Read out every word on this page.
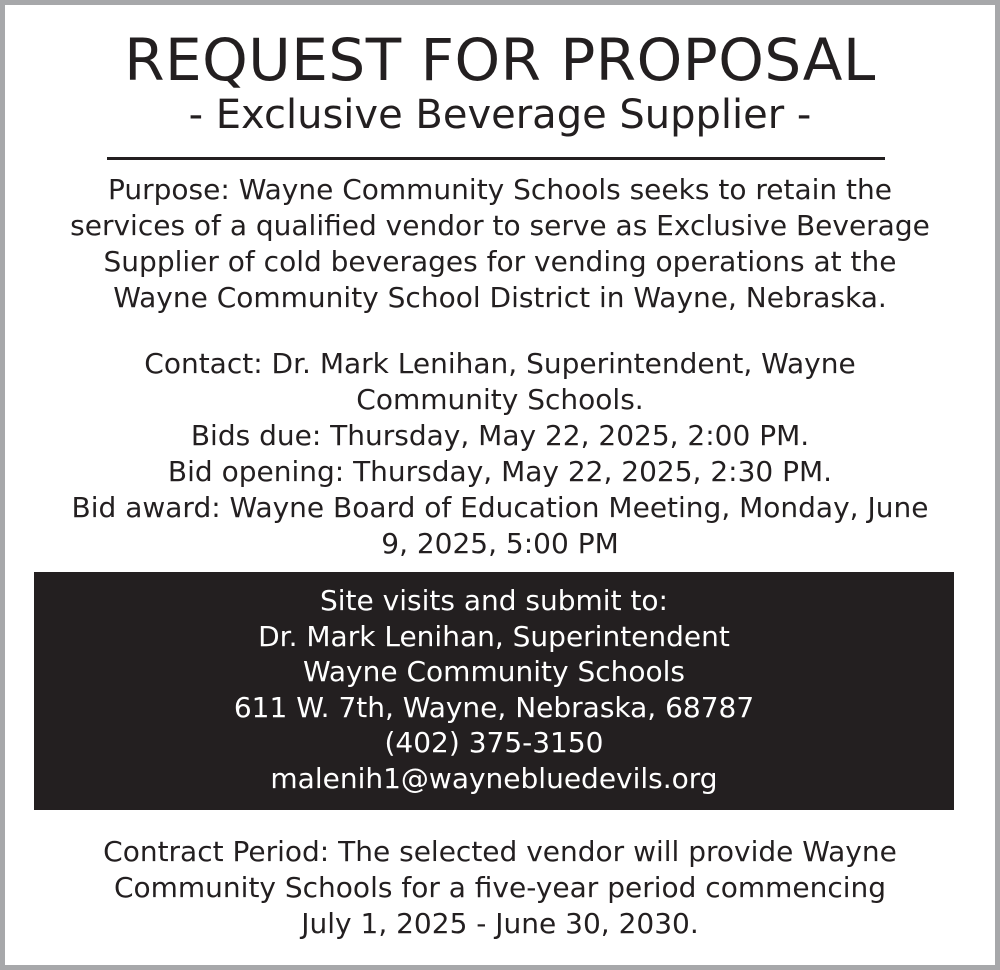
REQUEST FOR PROPOSAL
- Exclusive Beverage Supplier -
Purpose: Wayne Community Schools seeks to retain the
services of a qualified vendor to serve as Exclusive Beverage
Supplier of cold beverages for vending operations at the
Wayne Community School District in Wayne, Nebraska.
Contact: Dr. Mark Lenihan, Superintendent, Wayne
Community Schools.
Bids due: Thursday, May 22, 2025, 2:00 PM.
Bid opening: Thursday, May 22, 2025, 2:30 PM.
Bid award: Wayne Board of Education Meeting, Monday, June
9, 2025, 5:00 PM
Site visits and submit to:
Dr. Mark Lenihan, Superintendent
Wayne Community Schools
611 W. 7th, Wayne, Nebraska, 68787
(402) 375-3150
malenih1@waynebluedevils.org
Contract Period: The selected vendor will provide Wayne
Community Schools for a five-year period commencing
July 1, 2025 - June 30, 2030.
